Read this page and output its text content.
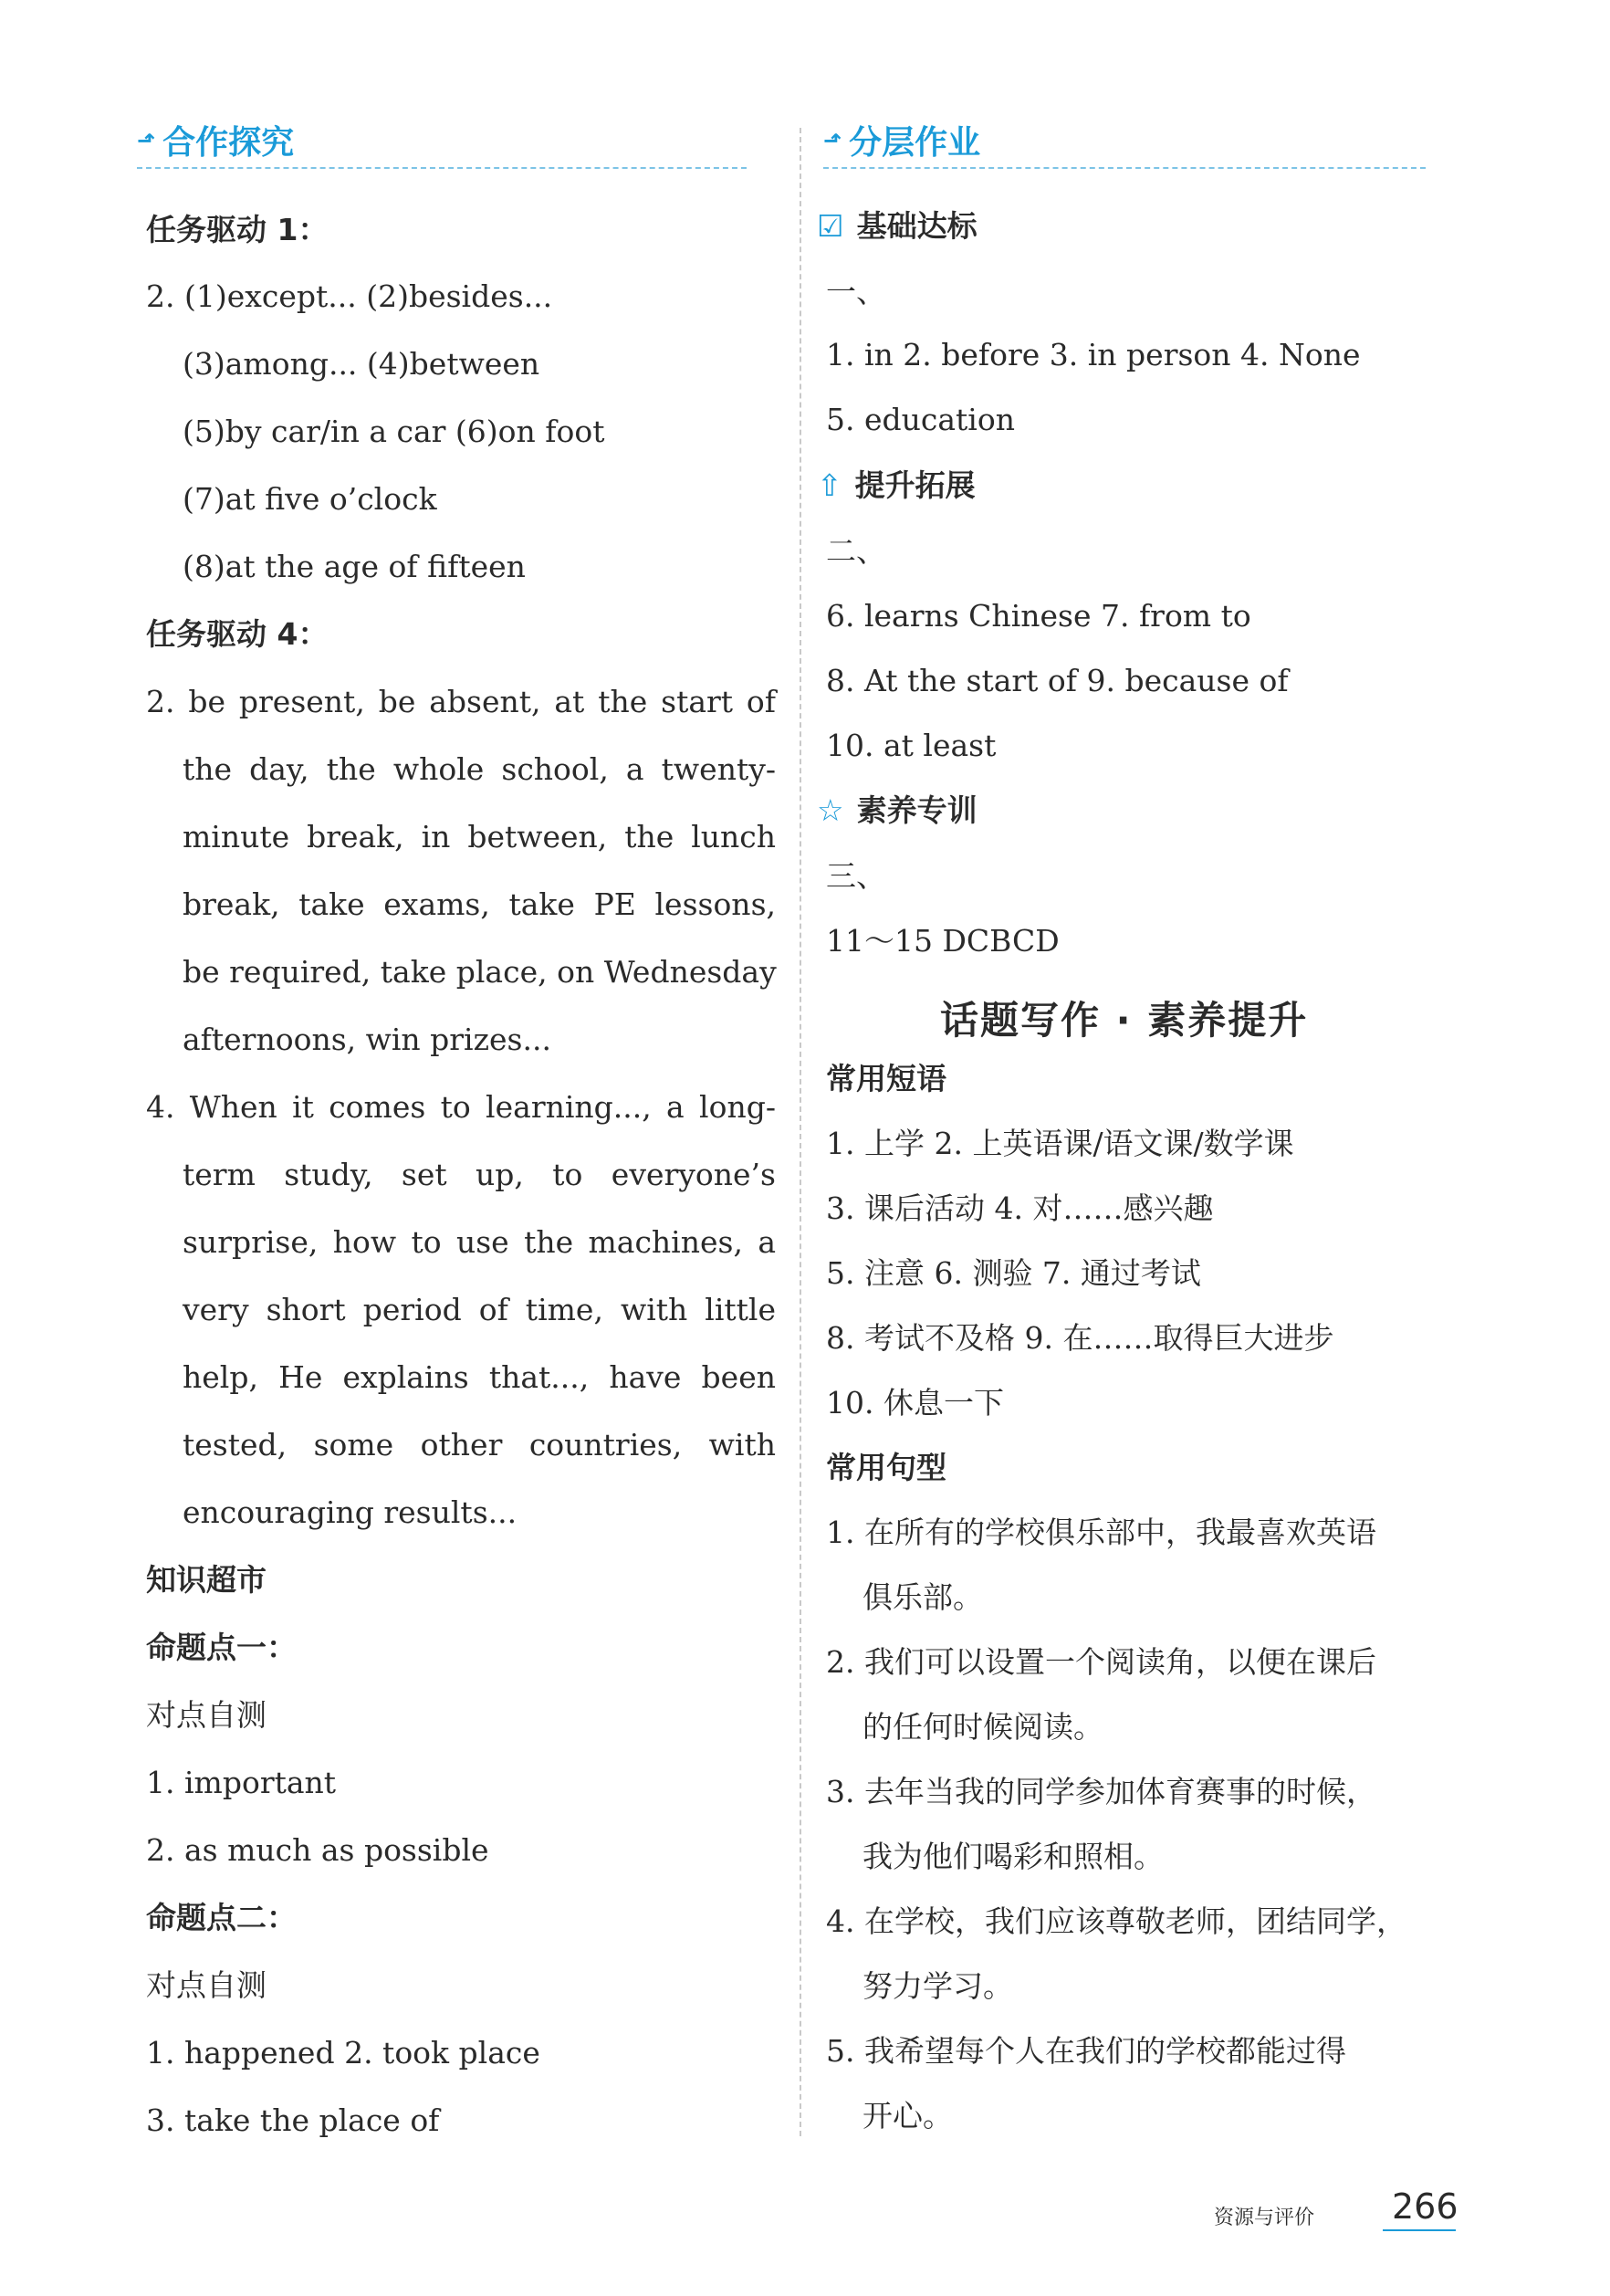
⬏ 合作探究
任务驱动 1：
2. (1)except... (2)besides...
(3)among... (4)between
(5)by car/in a car (6)on foot
(7)at five o’clock
(8)at the age of fifteen
任务驱动 4：
2. be present, be absent, at the start of
the day, the whole school, a twenty-
minute break, in between, the lunch
break, take exams, take PE lessons,
be required, take place, on Wednesday
afternoons, win prizes...
4. When it comes to learning..., a long-
term study, set up, to everyone’s
surprise, how to use the machines, a
very short period of time, with little
help, He explains that..., have been
tested, some other countries, with
encouraging results...
知识超市
命题点一：
对点自测
1. important
2. as much as possible
命题点二：
对点自测
1. happened 2. took place
3. take the place of
⬏ 分层作业
☑ 基础达标
一、
1. in 2. before 3. in person 4. None
5. education
⇧ 提升拓展
二、
6. learns Chinese 7. from to
8. At the start of 9. because of
10. at least
☆ 素养专训
三、
11～15 DCBCD
话题写作 · 素养提升
常用短语
1. 上学 2. 上英语课/语文课/数学课
3. 课后活动 4. 对……感兴趣
5. 注意 6. 测验 7. 通过考试
8. 考试不及格 9. 在……取得巨大进步
10. 休息一下
常用句型
1. 在所有的学校俱乐部中，我最喜欢英语
俱乐部。
2. 我们可以设置一个阅读角，以便在课后
的任何时候阅读。
3. 去年当我的同学参加体育赛事的时候，
我为他们喝彩和照相。
4. 在学校，我们应该尊敬老师，团结同学，
努力学习。
5. 我希望每个人在我们的学校都能过得
开心。
资源与评价 266
